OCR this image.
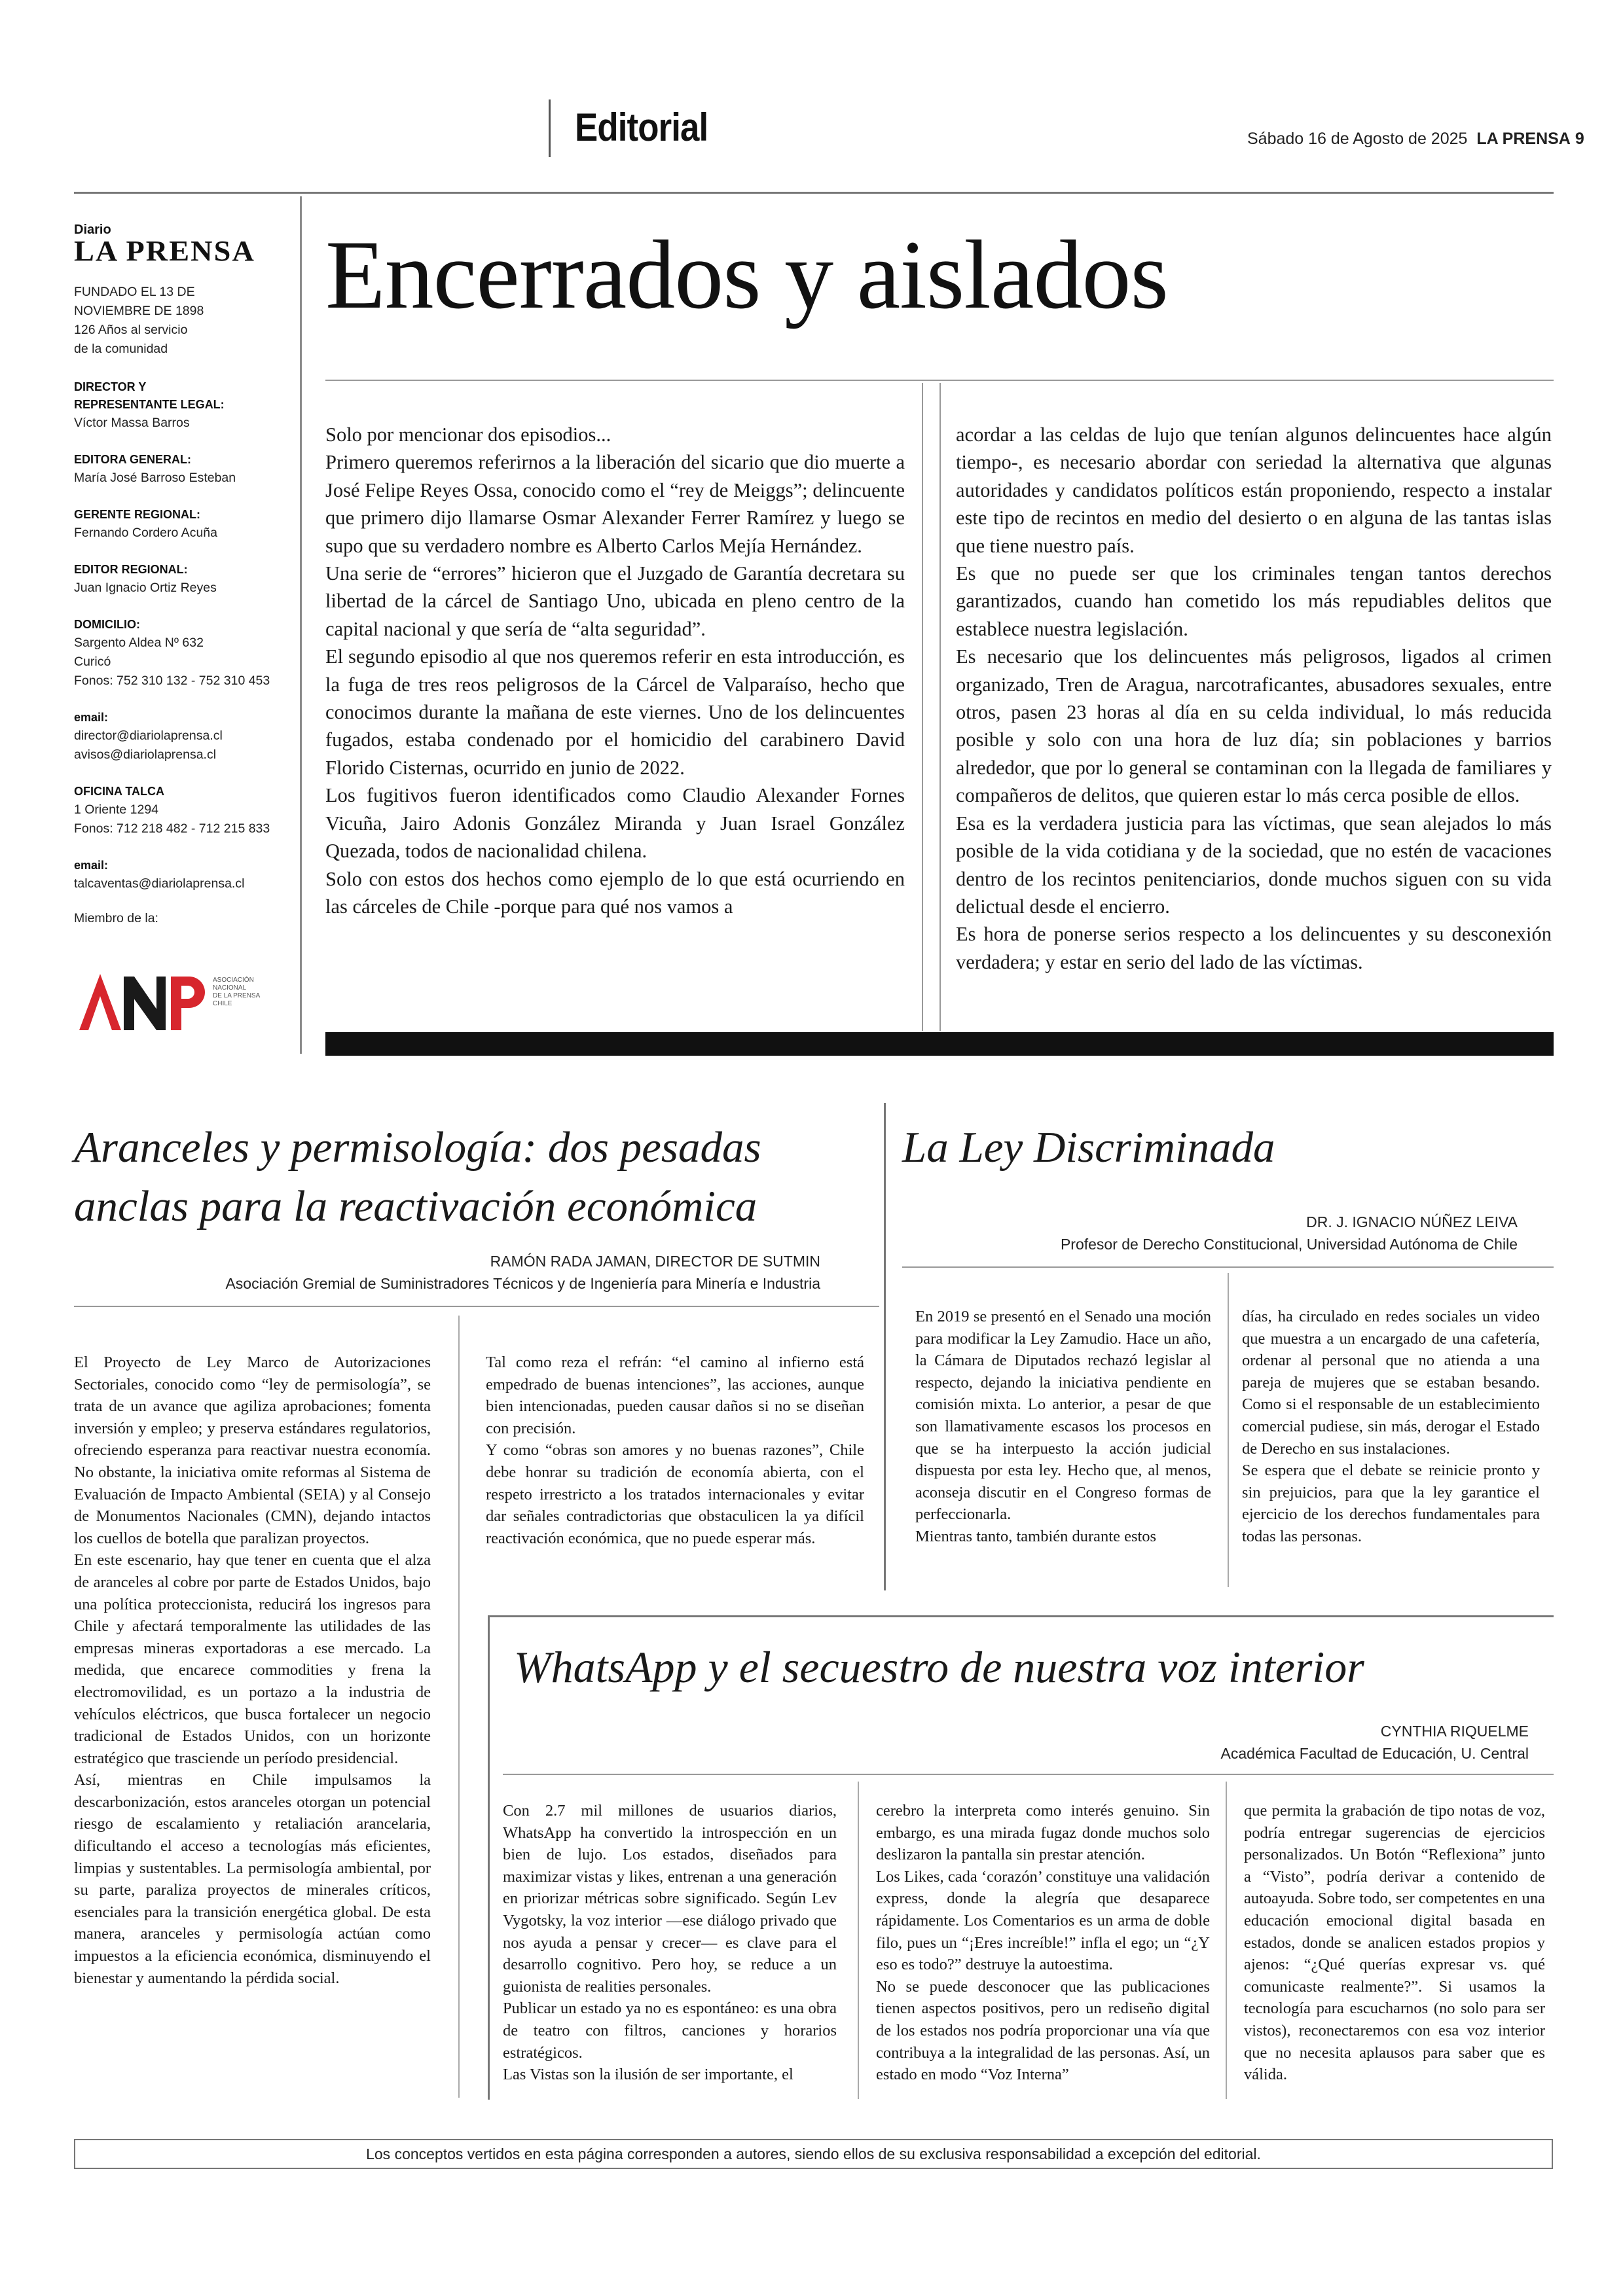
Editorial	Sábado 16 de Agosto de 2025 LA PRENSA 9
Diario
LA PRENSA
FUNDADO EL 13 DE
NOVIEMBRE DE 1898
126 Años al servicio
de la comunidad
DIRECTOR Y
REPRESENTANTE LEGAL:
Víctor Massa Barros
EDITORA GENERAL:
María José Barroso Esteban
GERENTE REGIONAL:
Fernando Cordero Acuña
EDITOR REGIONAL:
Juan Ignacio Ortiz Reyes
DOMICILIO:
Sargento Aldea Nº 632
Curicó
Fonos: 752 310 132 - 752 310 453
email:
director@diariolaprensa.cl
avisos@diariolaprensa.cl
OFICINA TALCA
1 Oriente 1294
Fonos: 712 218 482 - 712 215 833
email:
talcaventas@diariolaprensa.cl
Miembro de la:
ASOCIACIÓN
NACIONAL
DE LA PRENSA
CHILE
Encerrados y aislados

Solo por mencionar dos episodios...

Primero queremos referirnos a la liberación del sicario que dio muerte a José Felipe Reyes Ossa, conocido como el “rey de Meiggs”; delincuente que primero dijo llamarse Osmar Alexander Ferrer Ramírez y luego se supo que su verdadero nombre es Alberto Carlos Mejía Hernández.

Una serie de “errores” hicieron que el Juzgado de Garantía decretara su libertad de la cárcel de Santiago Uno, ubicada en pleno centro de la capital nacional y que sería de “alta seguridad”.

El segundo episodio al que nos queremos referir en esta introducción, es la fuga de tres reos peligrosos de la Cárcel de Valparaíso, hecho que conocimos durante la mañana de este viernes. Uno de los delincuentes fugados, estaba condenado por el homicidio del carabinero David Florido Cisternas, ocurrido en junio de 2022.

Los fugitivos fueron identificados como Claudio Alexander Fornes Vicuña, Jairo Adonis González Miranda y Juan Israel González Quezada, todos de nacionalidad chilena.

Solo con estos dos hechos como ejemplo de lo que está ocurriendo en las cárceles de Chile -porque para qué nos vamos a

acordar a las celdas de lujo que tenían algunos delincuentes hace algún tiempo-, es necesario abordar con seriedad la alternativa que algunas autoridades y candidatos políticos están proponiendo, respecto a instalar este tipo de recintos en medio del desierto o en alguna de las tantas islas que tiene nuestro país.

Es que no puede ser que los criminales tengan tantos derechos garantizados, cuando han cometido los más repudiables delitos que establece nuestra legislación.

Es necesario que los delincuentes más peligrosos, ligados al crimen organizado, Tren de Aragua, narcotraficantes, abusadores sexuales, entre otros, pasen 23 horas al día en su celda individual, lo más reducida posible y solo con una hora de luz día; sin poblaciones y barrios alrededor, que por lo general se contaminan con la llegada de familiares y compañeros de delitos, que quieren estar lo más cerca posible de ellos.

Esa es la verdadera justicia para las víctimas, que sean alejados lo más posible de la vida cotidiana y de la sociedad, que no estén de vacaciones dentro de los recintos penitenciarios, donde muchos siguen con su vida delictual desde el encierro.

Es hora de ponerse serios respecto a los delincuentes y su desconexión verdadera; y estar en serio del lado de las víctimas.

Aranceles y permisología: dos pesadas
anclas para la reactivación económica
RAMÓN RADA JAMAN, DIRECTOR DE SUTMIN
Asociación Gremial de Suministradores Técnicos y de Ingeniería para Minería e Industria

El Proyecto de Ley Marco de Autorizaciones Sectoriales, conocido como “ley de permisología”, se trata de un avance que agiliza aprobaciones; fomenta inversión y empleo; y preserva estándares regulatorios, ofreciendo esperanza para reactivar nuestra economía. No obstante, la iniciativa omite reformas al Sistema de Evaluación de Impacto Ambiental (SEIA) y al Consejo de Monumentos Nacionales (CMN), dejando intactos los cuellos de botella que paralizan proyectos.

En este escenario, hay que tener en cuenta que el alza de aranceles al cobre por parte de Estados Unidos, bajo una política proteccionista, reducirá los ingresos para Chile y afectará temporalmente las utilidades de las empresas mineras exportadoras a ese mercado. La medida, que encarece commodities y frena la electromovilidad, es un portazo a la industria de vehículos eléctricos, que busca fortalecer un negocio tradicional de Estados Unidos, con un horizonte estratégico que trasciende un período presidencial.

Así, mientras en Chile impulsamos la descarbonización, estos aranceles otorgan un potencial riesgo de escalamiento y retaliación arancelaria, dificultando el acceso a tecnologías más eficientes, limpias y sustentables. La permisología ambiental, por su parte, paraliza proyectos de minerales críticos, esenciales para la transición energética global. De esta manera, aranceles y permisología actúan como impuestos a la eficiencia económica, disminuyendo el bienestar y aumentando la pérdida social.

Tal como reza el refrán: “el camino al infierno está empedrado de buenas intenciones”, las acciones, aunque bien intencionadas, pueden causar daños si no se diseñan con precisión.

Y como “obras son amores y no buenas razones”, Chile debe honrar su tradición de economía abierta, con el respeto irrestricto a los tratados internacionales y evitar dar señales contradictorias que obstaculicen la ya difícil reactivación económica, que no puede esperar más.

La Ley Discriminada
DR. J. IGNACIO NÚÑEZ LEIVA
Profesor de Derecho Constitucional, Universidad Autónoma de Chile

En 2019 se presentó en el Senado una moción para modificar la Ley Zamudio. Hace un año, la Cámara de Diputados rechazó legislar al respecto, dejando la iniciativa pendiente en comisión mixta. Lo anterior, a pesar de que son llamativamente escasos los procesos en que se ha interpuesto la acción judicial dispuesta por esta ley. Hecho que, al menos, aconseja discutir en el Congreso formas de perfeccionarla.

Mientras tanto, también durante estos

días, ha circulado en redes sociales un video que muestra a un encargado de una cafetería, ordenar al personal que no atienda a una pareja de mujeres que se estaban besando. Como si el responsable de un establecimiento comercial pudiese, sin más, derogar el Estado de Derecho en sus instalaciones.

Se espera que el debate se reinicie pronto y sin prejuicios, para que la ley garantice el ejercicio de los derechos fundamentales para todas las personas.

WhatsApp y el secuestro de nuestra voz interior
CYNTHIA RIQUELME
Académica Facultad de Educación, U. Central

Con 2.7 mil millones de usuarios diarios, WhatsApp ha convertido la introspección en un bien de lujo. Los estados, diseñados para maximizar vistas y likes, entrenan a una generación en priorizar métricas sobre significado. Según Lev Vygotsky, la voz interior —ese diálogo privado que nos ayuda a pensar y crecer— es clave para el desarrollo cognitivo. Pero hoy, se reduce a un guionista de realities personales.

Publicar un estado ya no es espontáneo: es una obra de teatro con filtros, canciones y horarios estratégicos.

Las Vistas son la ilusión de ser importante, el

cerebro la interpreta como interés genuino. Sin embargo, es una mirada fugaz donde muchos solo deslizaron la pantalla sin prestar atención.

Los Likes, cada ‘corazón’ constituye una validación express, donde la alegría que desaparece rápidamente. Los Comentarios es un arma de doble filo, pues un “¡Eres increíble!” infla el ego; un “¿Y eso es todo?” destruye la autoestima.

No se puede desconocer que las publicaciones tienen aspectos positivos, pero un rediseño digital de los estados nos podría proporcionar una vía que contribuya a la integralidad de las personas. Así, un estado en modo “Voz Interna”

que permita la grabación de tipo notas de voz, podría entregar sugerencias de ejercicios personalizados. Un Botón “Reflexiona” junto a “Visto”, podría derivar a contenido de autoayuda. Sobre todo, ser competentes en una educación emocional digital basada en estados, donde se analicen estados propios y ajenos: “¿Qué querías expresar vs. qué comunicaste realmente?”. Si usamos la tecnología para escucharnos (no solo para ser vistos), reconectaremos con esa voz interior que no necesita aplausos para saber que es válida.

Los conceptos vertidos en esta página corresponden a autores, siendo ellos de su exclusiva responsabilidad a excepción del editorial.
